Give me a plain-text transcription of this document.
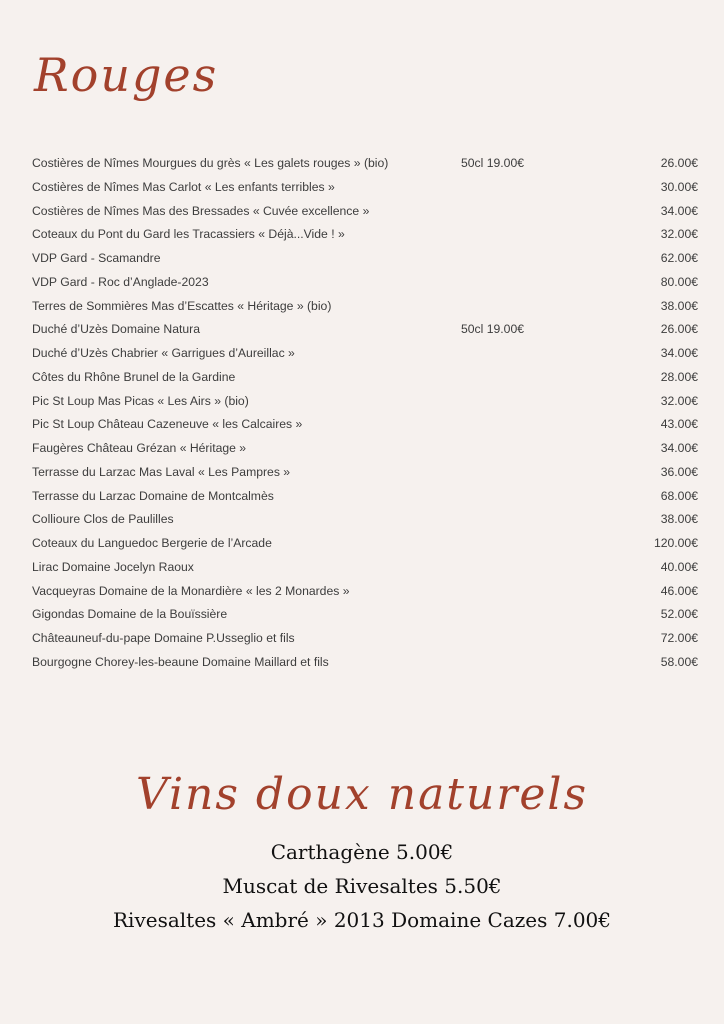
Rouges
Costières de Nîmes Mourgues du grès « Les galets rouges » (bio)	50cl 19.00€	26.00€
Costières de Nîmes Mas Carlot « Les enfants terribles »	30.00€
Costières de Nîmes Mas des Bressades « Cuvée excellence »	34.00€
Coteaux du Pont du Gard les Tracassiers « Déjà...Vide ! »	32.00€
VDP Gard - Scamandre	62.00€
VDP Gard - Roc d’Anglade-2023	80.00€
Terres de Sommières Mas d’Escattes « Héritage » (bio)	38.00€
Duché d’Uzès Domaine Natura	50cl 19.00€	26.00€
Duché d’Uzès Chabrier « Garrigues d’Aureillac »	34.00€
Côtes du Rhône Brunel de la Gardine	28.00€
Pic St Loup Mas Picas « Les Airs » (bio)	32.00€
Pic St Loup Château Cazeneuve « les Calcaires »	43.00€
Faugères Château Grézan « Héritage »	34.00€
Terrasse du Larzac Mas Laval « Les Pampres »	36.00€
Terrasse du Larzac Domaine de Montcalmès	68.00€
Collioure Clos de Paulilles	38.00€
Coteaux du Languedoc Bergerie de l’Arcade	120.00€
Lirac Domaine Jocelyn Raoux	40.00€
Vacqueyras Domaine de la Monardière « les 2 Monardes »	46.00€
Gigondas Domaine de la Bouïssière	52.00€
Châteauneuf-du-pape Domaine P.Usseglio et fils	72.00€
Bourgogne Chorey-les-beaune Domaine Maillard et fils	58.00€
Vins doux naturels
Carthagène 5.00€
Muscat de Rivesaltes 5.50€
Rivesaltes « Ambré » 2013 Domaine Cazes 7.00€
